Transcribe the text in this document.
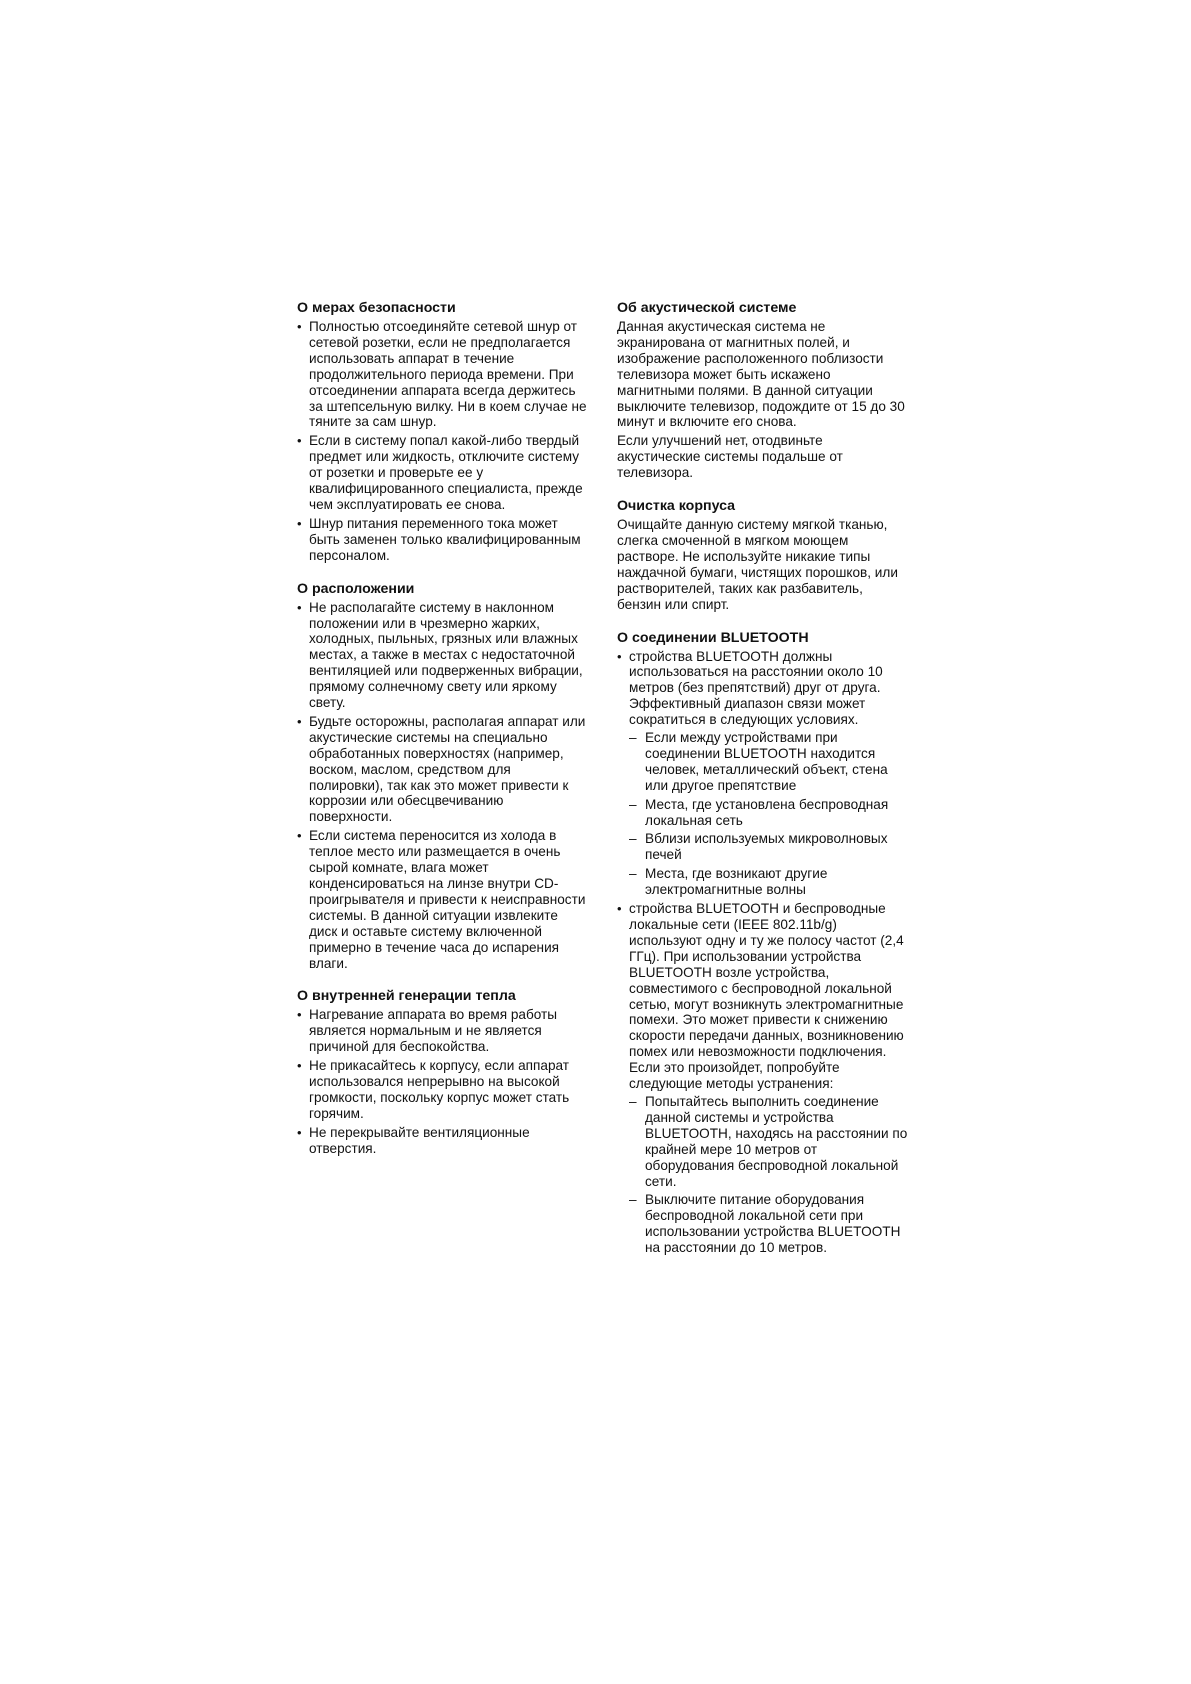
О мерах безопасности
• Полностью отсоединяйте сетевой шнур от сетевой розетки, если не предполагается использовать аппарат в течение продолжительного периода времени. При отсоединении аппарата всегда держитесь за штепсельную вилку. Ни в коем случае не тяните за сам шнур.
• Если в систему попал какой-либо твердый предмет или жидкость, отключите систему от розетки и проверьте ее у квалифицированного специалиста, прежде чем эксплуатировать ее снова.
• Шнур питания переменного тока может быть заменен только квалифицированным персоналом.
О расположении
• Не располагайте систему в наклонном положении или в чрезмерно жарких, холодных, пыльных, грязных или влажных местах, а также в местах с недостаточной вентиляцией или подверженных вибрации, прямому солнечному свету или яркому свету.
• Будьте осторожны, располагая аппарат или акустические системы на специально обработанных поверхностях (например, воском, маслом, средством для полировки), так как это может привести к коррозии или обесцвечиванию поверхности.
• Если система переносится из холода в теплое место или размещается в очень сырой комнате, влага может конденсироваться на линзе внутри CD-проигрывателя и привести к неисправности системы. В данной ситуации извлеките диск и оставьте систему включенной примерно в течение часа до испарения влаги.
О внутренней генерации тепла
• Нагревание аппарата во время работы является нормальным и не является причиной для беспокойства.
• Не прикасайтесь к корпусу, если аппарат использовался непрерывно на высокой громкости, поскольку корпус может стать горячим.
• Не перекрывайте вентиляционные отверстия.
Об акустической системе

Данная акустическая система не экранирована от магнитных полей, и изображение расположенного поблизости телевизора может быть искажено магнитными полями. В данной ситуации выключите телевизор, подождите от 15 до 30 минут и включите его снова.

Если улучшений нет, отодвиньте акустические системы подальше от телевизора.

Очистка корпуса

Очищайте данную систему мягкой тканью, слегка смоченной в мягком моющем растворе. Не используйте никакие типы наждачной бумаги, чистящих порошков, или растворителей, таких как разбавитель, бензин или спирт.

О соединении BLUETOOTH
• стройства BLUETOOTH должны использоваться на расстоянии около 10 метров (без препятствий) друг от друга. Эффективный диапазон связи может сократиться в следующих условиях.
– Если между устройствами при соединении BLUETOOTH находится человек, металлический объект, стена или другое препятствие
– Места, где установлена беспроводная локальная сеть
– Вблизи используемых микроволновых печей
– Места, где возникают другие электромагнитные волны
• стройства BLUETOOTH и беспроводные локальные сети (IEEE 802.11b/g) используют одну и ту же полосу частот (2,4 ГГц). При использовании устройства BLUETOOTH возле устройства, совместимого с беспроводной локальной сетью, могут возникнуть электромагнитные помехи. Это может привести к снижению скорости передачи данных, возникновению помех или невозможности подключения. Если это произойдет, попробуйте следующие методы устранения:
– Попытайтесь выполнить соединение данной системы и устройства BLUETOOTH, находясь на расстоянии по крайней мере 10 метров от оборудования беспроводной локальной сети.
– Выключите питание оборудования беспроводной локальной сети при использовании устройства BLUETOOTH на расстоянии до 10 метров.
